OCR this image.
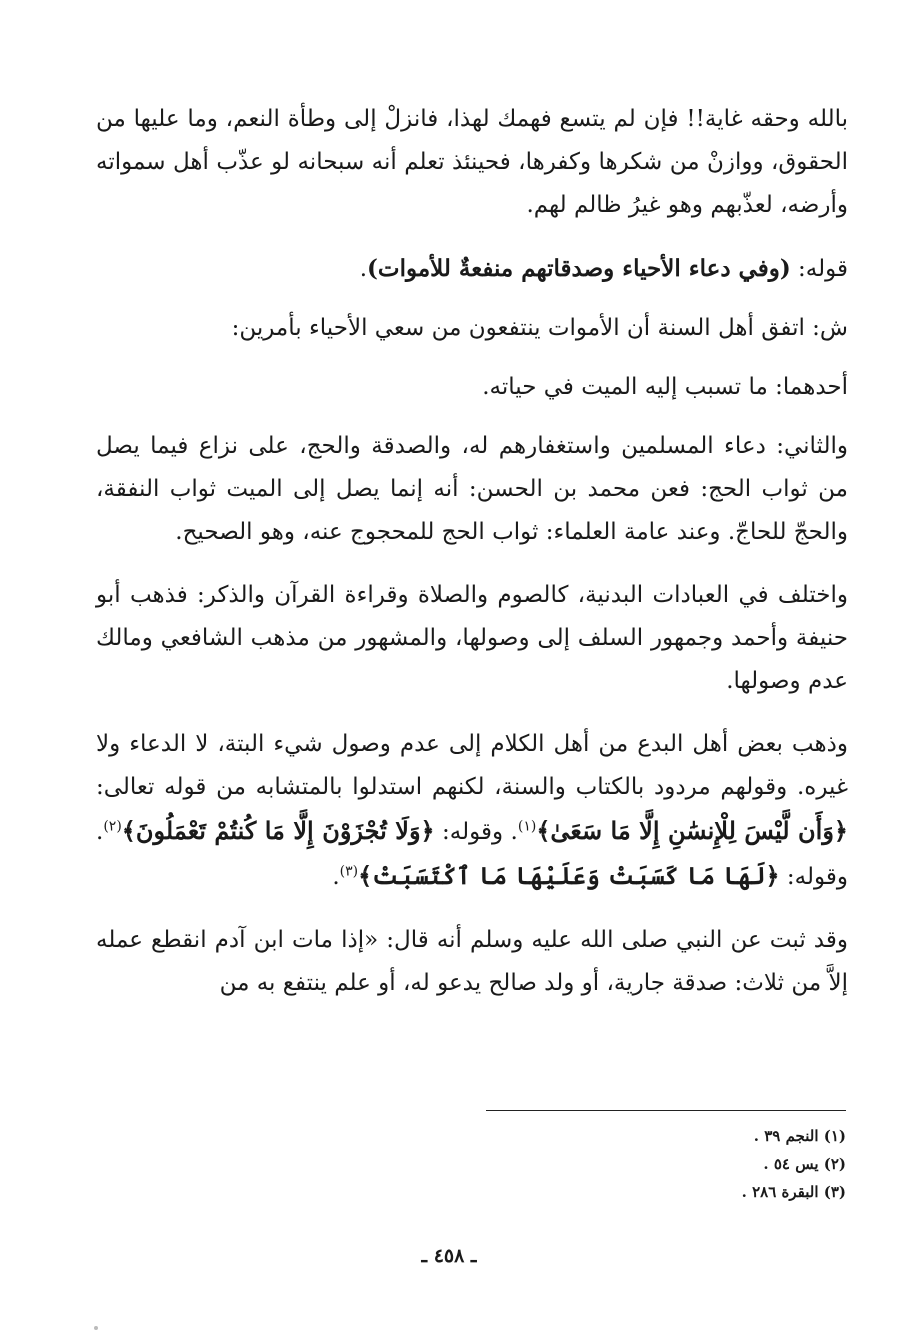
بالله وحقه غاية!! فإن لم يتسع فهمك لهذا، فانزلْ إلى وطأة النعم، وما عليها من الحقوق، ووازنْ من شكرها وكفرها، فحينئذ تعلم أنه سبحانه لو عذّب أهل سمواته وأرضه، لعذّبهم وهو غيرُ ظالم لهم.

قوله: (وفي دعاء الأحياء وصدقاتهم منفعةٌ للأموات).

ش: اتفق أهل السنة أن الأموات ينتفعون من سعي الأحياء بأمرين:

أحدهما: ما تسبب إليه الميت في حياته.

والثاني: دعاء المسلمين واستغفارهم له، والصدقة والحج، على نزاع فيما يصل من ثواب الحج: فعن محمد بن الحسن: أنه إنما يصل إلى الميت ثواب النفقة، والحجّ للحاجّ. وعند عامة العلماء: ثواب الحج للمحجوج عنه، وهو الصحيح.

واختلف في العبادات البدنية، كالصوم والصلاة وقراءة القرآن والذكر: فذهب أبو حنيفة وأحمد وجمهور السلف إلى وصولها، والمشهور من مذهب الشافعي ومالك عدم وصولها.

وذهب بعض أهل البدع من أهل الكلام إلى عدم وصول شيء البتة، لا الدعاء ولا غيره. وقولهم مردود بالكتاب والسنة، لكنهم استدلوا بالمتشابه من قوله تعالى: ﴿وَأَن لَّيْسَ لِلْإِنسَٰنِ إِلَّا مَا سَعَىٰ﴾$^{(١)}$. وقوله: ﴿وَلَا تُجْزَوْنَ إِلَّا مَا كُنتُمْ تَعْمَلُونَ﴾$^{(٢)}$. وقوله: ﴿لَهَا مَا كَسَبَتْ وَعَلَيْهَا مَا ٱكْتَسَبَتْ﴾$^{(٣)}$.

وقد ثبت عن النبي صلى الله عليه وسلم أنه قال: «إذا مات ابن آدم انقطع عمله إلاَّ من ثلاث: صدقة جارية، أو ولد صالح يدعو له، أو علم ينتفع به من

(١) النجم ٣٩ .

(٢) يس ٥٤ .

(٣) البقرة ٢٨٦ .

ـ ٤٥٨ ـ
